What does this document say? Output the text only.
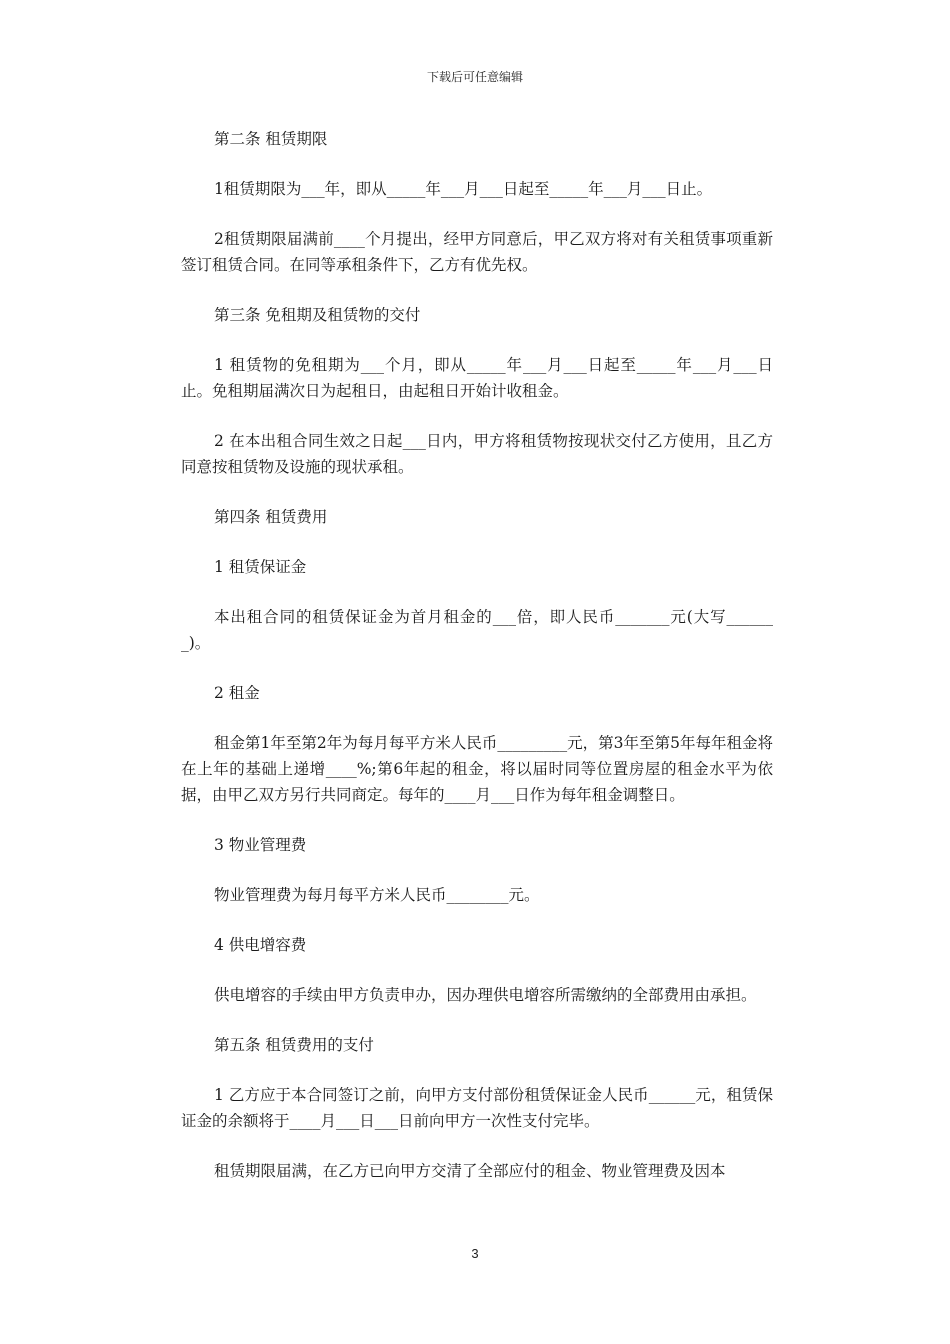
下载后可任意编辑

第二条 租赁期限

1租赁期限为___年，即从_____年___月___日起至_____年___月___日止。

2租赁期限届满前____个月提出，经甲方同意后，甲乙双方将对有关租赁事项重新签订租赁合同。在同等承租条件下，乙方有优先权。

第三条 免租期及租赁物的交付

1 租赁物的免租期为___个月，即从_____年___月___日起至_____年___月___日止。免租期届满次日为起租日，由起租日开始计收租金。

2 在本出租合同生效之日起___日内，甲方将租赁物按现状交付乙方使用，且乙方同意按租赁物及设施的现状承租。

第四条 租赁费用

1 租赁保证金

本出租合同的租赁保证金为首月租金的___倍，即人民币_______元(大写_______)。

2 租金

租金第1年至第2年为每月每平方米人民币_________元，第3年至第5年每年租金将在上年的基础上递增____%;第6年起的租金，将以届时同等位置房屋的租金水平为依据，由甲乙双方另行共同商定。每年的____月___日作为每年租金调整日。

3 物业管理费

物业管理费为每月每平方米人民币________元。

4 供电增容费

供电增容的手续由甲方负责申办，因办理供电增容所需缴纳的全部费用由承担。

第五条 租赁费用的支付

1 乙方应于本合同签订之前，向甲方支付部份租赁保证金人民币______元，租赁保证金的余额将于____月___日___日前向甲方一次性支付完毕。

租赁期限届满，在乙方已向甲方交清了全部应付的租金、物业管理费及因本

3
